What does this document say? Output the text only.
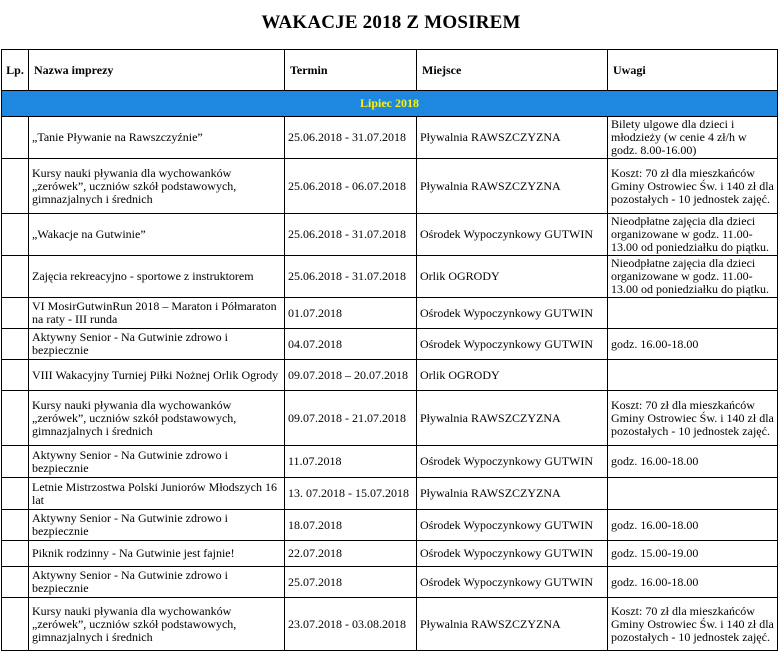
WAKACJE 2018 Z MOSIREM
Lp.	Nazwa imprezy	Termin	Miejsce	Uwagi
Lipiec 2018				
	„Tanie Pływanie na Rawszczyźnie”	25.06.2018 - 31.07.2018	Pływalnia RAWSZCZYZNA	Bilety ulgowe dla dzieci i młodzieży (w cenie 4 zł/h w godz. 8.00-16.00)
	Kursy nauki pływania dla wychowanków „zerówek”, uczniów szkół podstawowych, gimnazjalnych i średnich	25.06.2018 - 06.07.2018	Pływalnia RAWSZCZYZNA	Koszt: 70 zł dla mieszkańców Gminy Ostrowiec Św. i 140 zł dla pozostałych - 10 jednostek zajęć.
	„Wakacje na Gutwinie”	25.06.2018 - 31.07.2018	Ośrodek Wypoczynkowy GUTWIN	Nieodpłatne zajęcia dla dzieci organizowane w godz. 11.00-13.00 od poniedziałku do piątku.
	Zajęcia rekreacyjno - sportowe z instruktorem	25.06.2018 - 31.07.2018	Orlik OGRODY	Nieodpłatne zajęcia dla dzieci organizowane w godz. 11.00-13.00 od poniedziałku do piątku.
	VI MosirGutwinRun 2018 – Maraton i Półmaraton na raty - III runda	01.07.2018	Ośrodek Wypoczynkowy GUTWIN	
	Aktywny Senior - Na Gutwinie zdrowo i bezpiecznie	04.07.2018	Ośrodek Wypoczynkowy GUTWIN	godz. 16.00-18.00
	VIII Wakacyjny Turniej Piłki Nożnej Orlik Ogrody	09.07.2018 – 20.07.2018	Orlik OGRODY	
	Kursy nauki pływania dla wychowanków „zerówek”, uczniów szkół podstawowych, gimnazjalnych i średnich	09.07.2018 - 21.07.2018	Pływalnia RAWSZCZYZNA	Koszt: 70 zł dla mieszkańców Gminy Ostrowiec Św. i 140 zł dla pozostałych - 10 jednostek zajęć.
	Aktywny Senior - Na Gutwinie zdrowo i bezpiecznie	11.07.2018	Ośrodek Wypoczynkowy GUTWIN	godz. 16.00-18.00
	Letnie Mistrzostwa Polski Juniorów Młodszych 16 lat	13. 07.2018 - 15.07.2018	Pływalnia RAWSZCZYZNA	
	Aktywny Senior - Na Gutwinie zdrowo i bezpiecznie	18.07.2018	Ośrodek Wypoczynkowy GUTWIN	godz. 16.00-18.00
	Piknik rodzinny - Na Gutwinie jest fajnie!	22.07.2018	Ośrodek Wypoczynkowy GUTWIN	godz. 15.00-19.00
	Aktywny Senior - Na Gutwinie zdrowo i bezpiecznie	25.07.2018	Ośrodek Wypoczynkowy GUTWIN	godz. 16.00-18.00
	Kursy nauki pływania dla wychowanków „zerówek”, uczniów szkół podstawowych, gimnazjalnych i średnich	23.07.2018 - 03.08.2018	Pływalnia RAWSZCZYZNA	Koszt: 70 zł dla mieszkańców Gminy Ostrowiec Św. i 140 zł dla pozostałych - 10 jednostek zajęć.
